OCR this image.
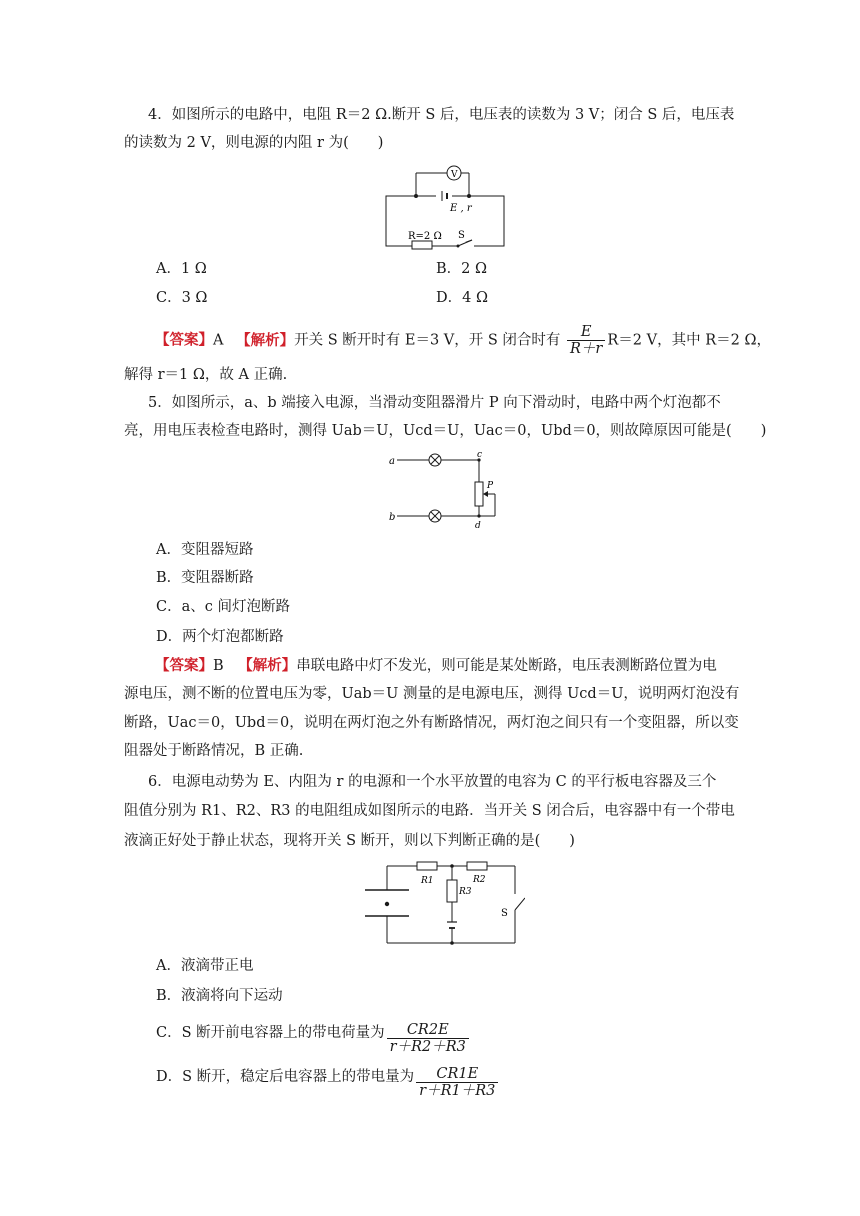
4．如图所示的电路中，电阻 R＝2 Ω.断开 S 后，电压表的读数为 3 V；闭合 S 后，电压表
的读数为 2 V，则电源的内阻 r 为(　　)
V
E , r
R=2 Ω S
A．1 Ω	B．2 Ω
C．3 Ω	D．4 Ω
【答案】A 【解析】开关 S 断开时有 E＝3 V，开 S 闭合时有 $\frac{E}{R+r} R=2$ V，其中 R＝2 Ω，
解得 r＝1 Ω，故 A 正确.
5．如图所示，a、b 端接入电源，当滑动变阻器滑片 P 向下滑动时，电路中两个灯泡都不
亮，用电压表检查电路时，测得 Uab＝U，Ucd＝U，Uac＝0，Ubd＝0，则故障原因可能是(　　)
a
b
c
d
P
A．变阻器短路
B．变阻器断路
C．a、c 间灯泡断路
D．两个灯泡都断路
【答案】B 【解析】串联电路中灯不发光，则可能是某处断路，电压表测断路位置为电
源电压，测不断的位置电压为零，Uab＝U 测量的是电源电压，测得 Ucd＝U，说明两灯泡没有
断路，Uac＝0，Ubd＝0，说明在两灯泡之外有断路情况，两灯泡之间只有一个变阻器，所以变
阻器处于断路情况，B 正确.
6．电源电动势为 E、内阻为 r 的电源和一个水平放置的电容为 C 的平行板电容器及三个
阻值分别为 R1、R2、R3 的电阻组成如图所示的电路．当开关 S 闭合后，电容器中有一个带电
液滴正好处于静止状态，现将开关 S 断开，则以下判断正确的是(　　)
R1	R2
R3
S
A．液滴带正电
B．液滴将向下运动
C．S 断开前电容器上的带电荷量为 $\frac{CR2E}{r+R2+R3}$
D．S 断开，稳定后电容器上的带电量为 $\frac{CR1E}{r+R1+R3}$
